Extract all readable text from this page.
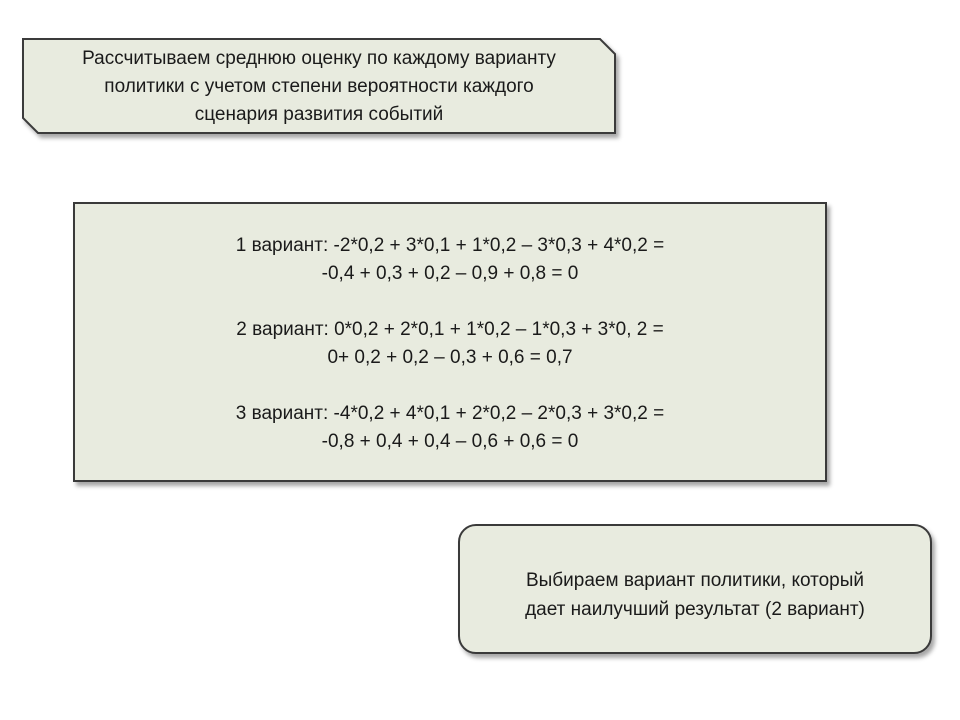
Рассчитываем среднюю оценку по каждому варианту
политики с учетом степени вероятности каждого
сценария развития событий
1 вариант: -2*0,2 + 3*0,1 + 1*0,2 – 3*0,3 + 4*0,2 =
-0,4 + 0,3 + 0,2 – 0,9 + 0,8 = 0
2 вариант: 0*0,2 + 2*0,1 + 1*0,2 – 1*0,3 + 3*0, 2 =
0+ 0,2 + 0,2 – 0,3 + 0,6 = 0,7
3 вариант: -4*0,2 + 4*0,1 + 2*0,2 – 2*0,3 + 3*0,2 =
-0,8 + 0,4 + 0,4 – 0,6 + 0,6 = 0
Выбираем вариант политики, который
дает наилучший результат (2 вариант)
